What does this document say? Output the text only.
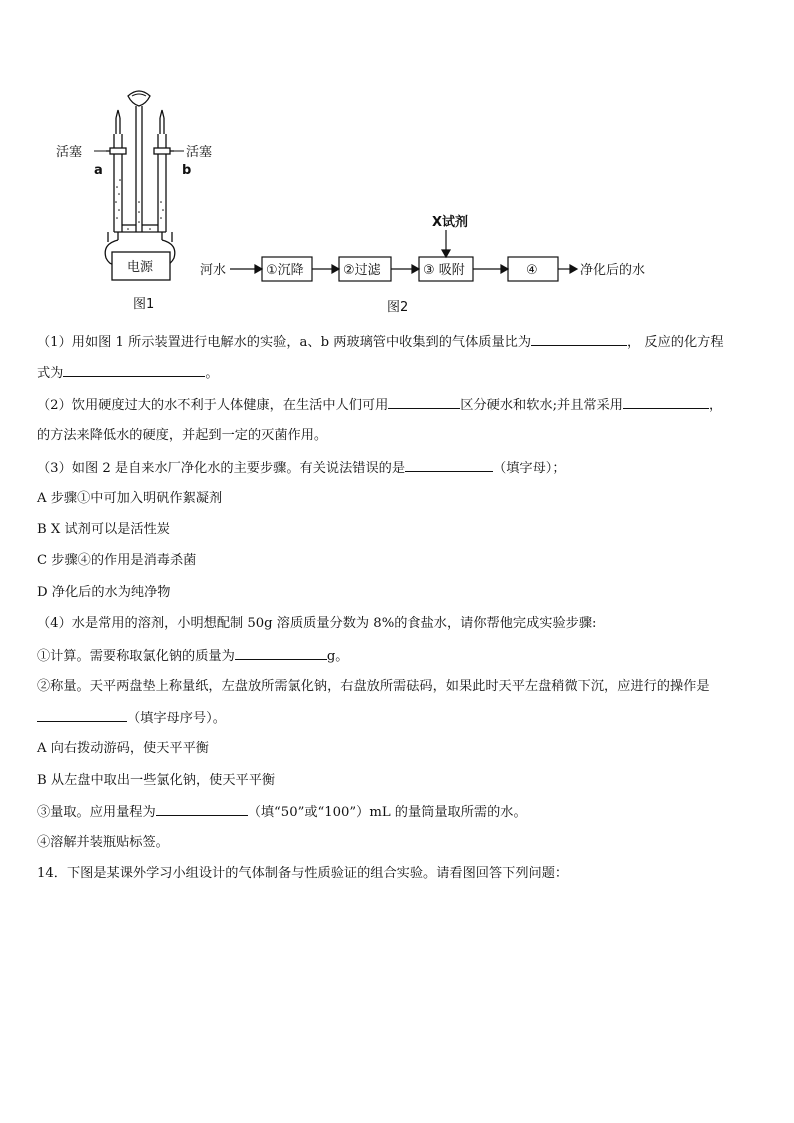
活塞	活塞
a	b
电源
图1
X试剂
河水	①沉降	②过滤	③ 吸附	④	净化后的水
图2
（1）用如图 1 所示装置进行电解水的实验，a、b 两玻璃管中收集到的气体质量比为	， 反应的化方程
式为	。
（2）饮用硬度过大的水不利于人体健康，在生活中人们可用	区分硬水和软水;并且常采用	，
的方法来降低水的硬度，并起到一定的灭菌作用。
（3）如图 2 是自来水厂净化水的主要步骤。有关说法错误的是	（填字母）；
A 步骤①中可加入明矾作絮凝剂
B X 试剂可以是活性炭
C 步骤④的作用是消毒杀菌
D 净化后的水为纯净物
（4）水是常用的溶剂，小明想配制 50g 溶质质量分数为 8%的食盐水，请你帮他完成实验步骤:
①计算。需要称取氯化钠的质量为	g。
②称量。天平两盘垫上称量纸，左盘放所需氯化钠，右盘放所需砝码，如果此时天平左盘稍微下沉，应进行的操作是
（填字母序号）。
A 向右拨动游码，使天平平衡
B 从左盘中取出一些氯化钠，使天平平衡
③量取。应用量程为	（填“50”或“100”）mL 的量筒量取所需的水。
④溶解并装瓶贴标签。
14．下图是某课外学习小组设计的气体制备与性质验证的组合实验。请看图回答下列问题：
